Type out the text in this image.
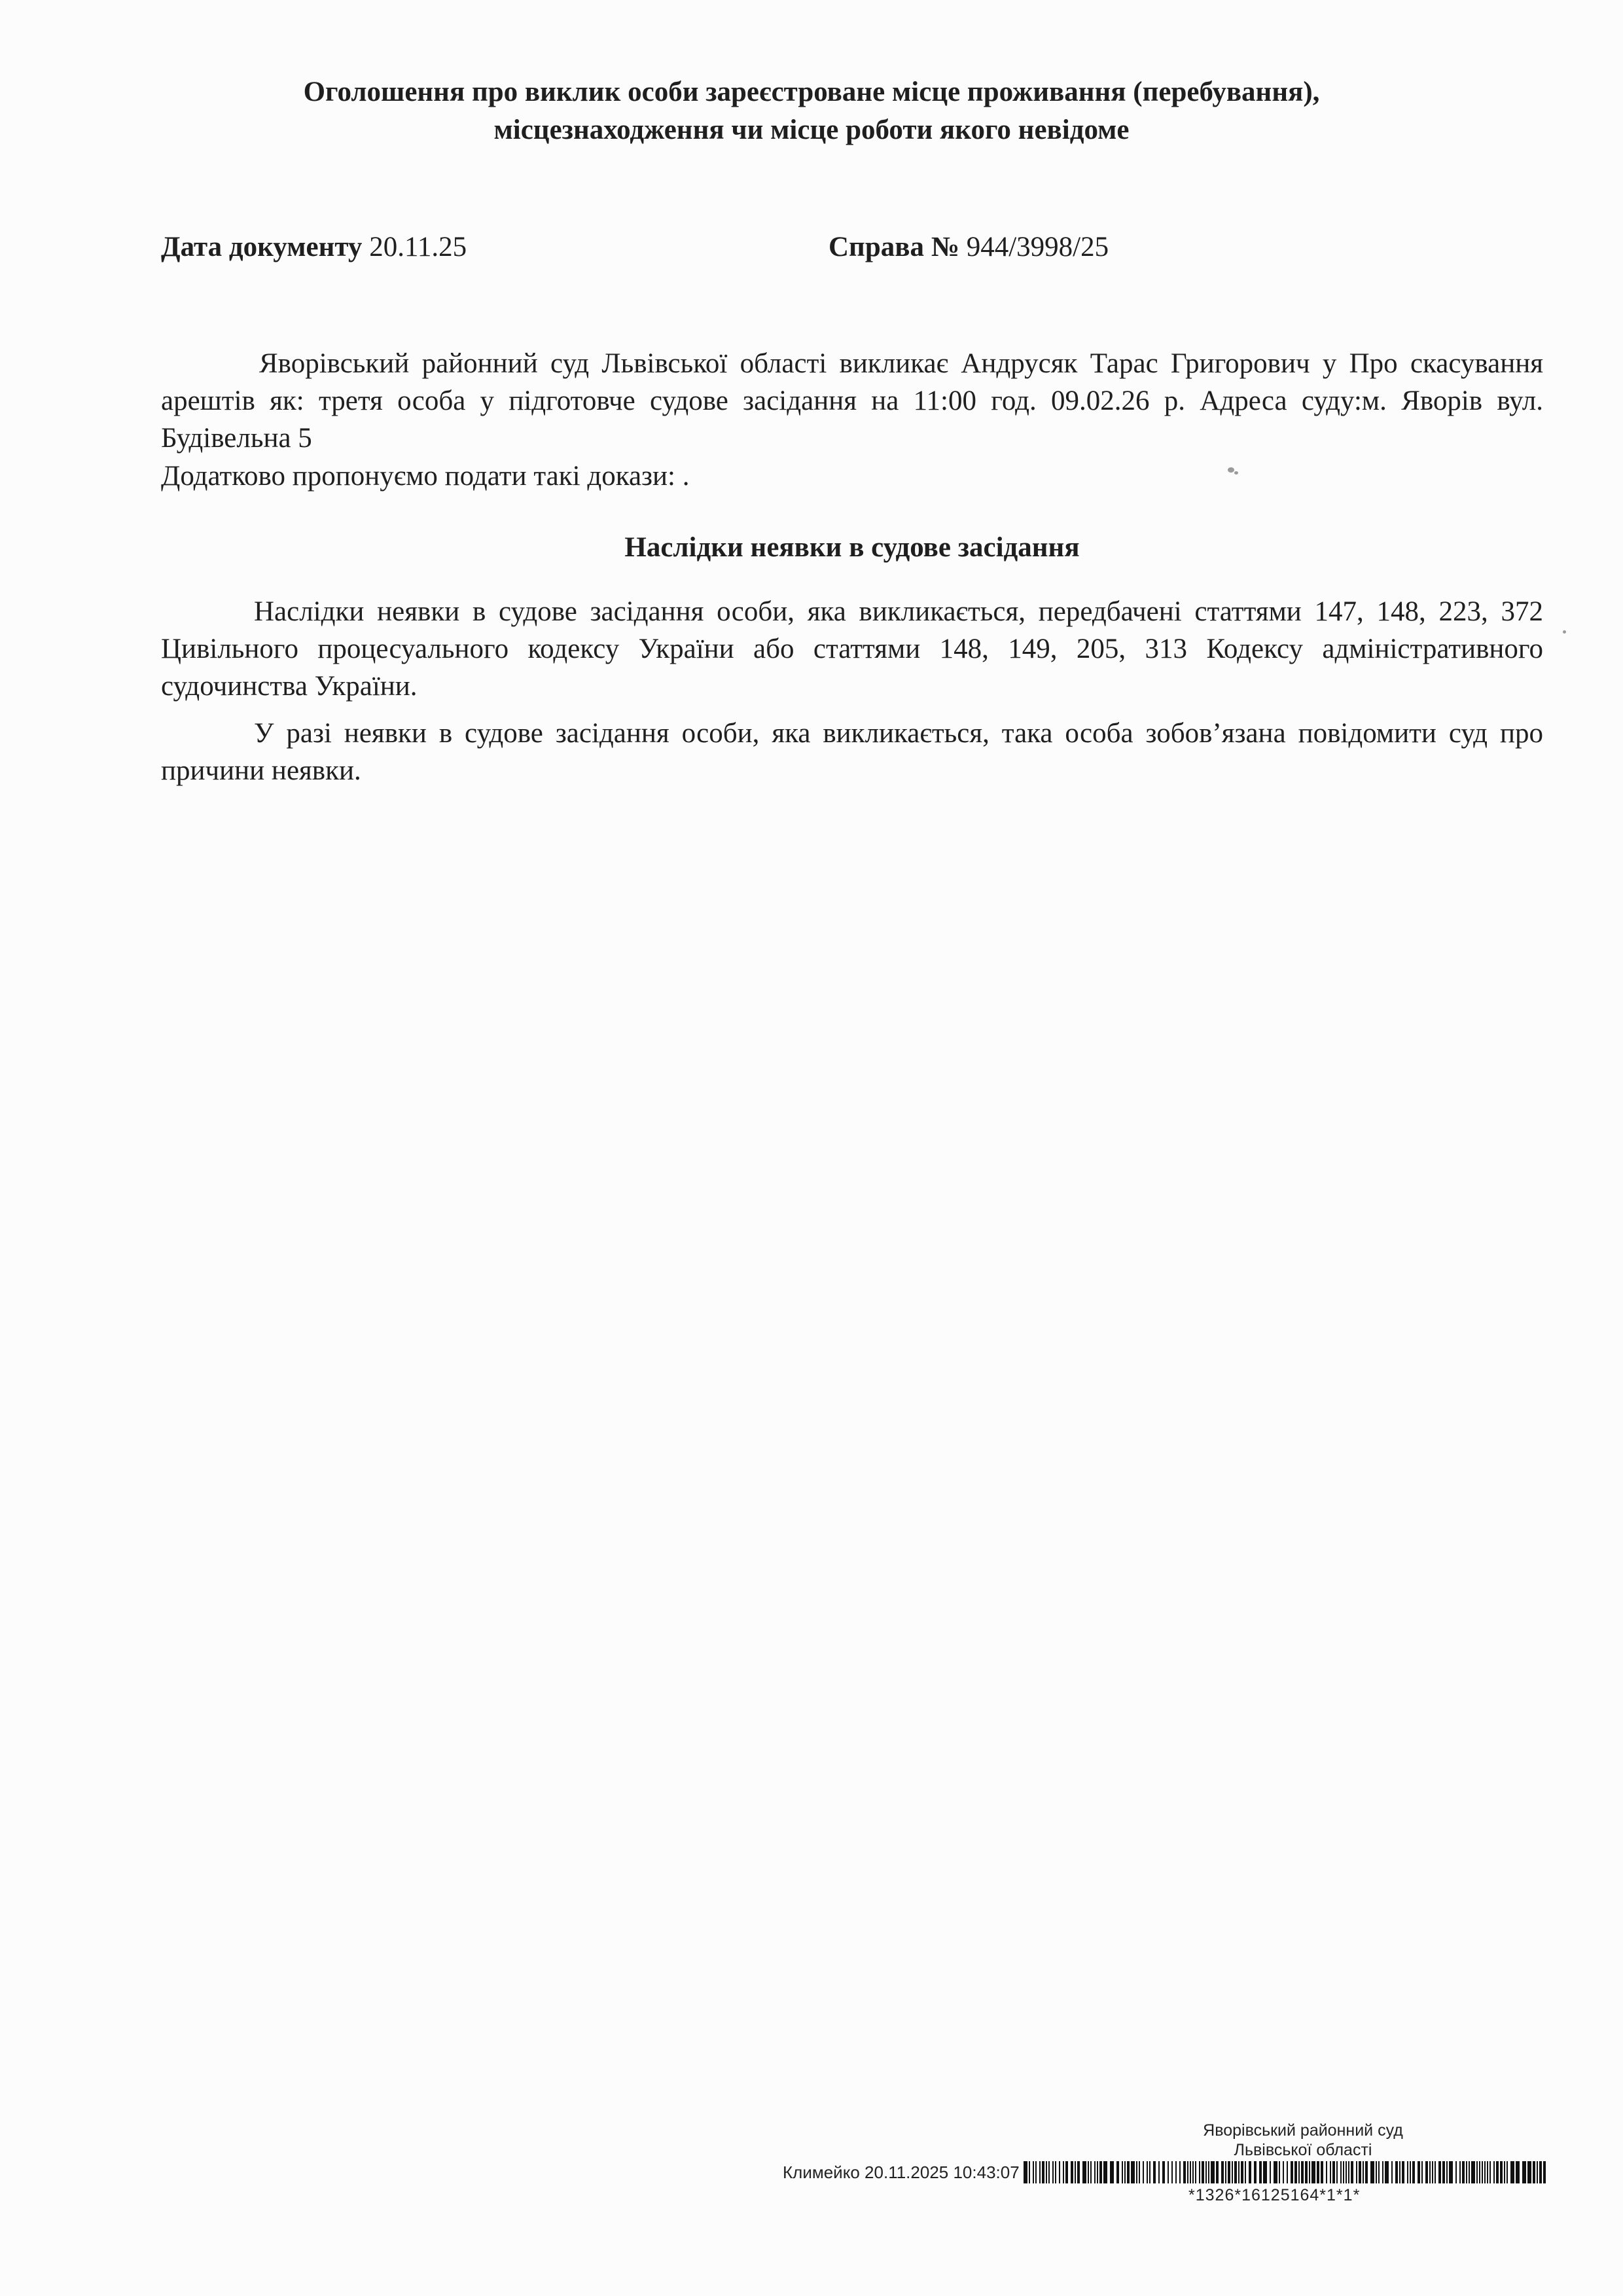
Оголошення про виклик особи зареєстроване місце проживання (перебування),
місцезнаходження чи місце роботи якого невідоме
Дата документу 20.11.25	Справа № 944/3998/25
Яворівський районний суд Львівської області викликає Андрусяк Тарас Григорович у Про скасування арештів як: третя особа у підготовче судове засідання на 11:00 год. 09.02.26 р. Адреса суду:м. Яворів вул. Будівельна 5
Додатково пропонуємо подати такі докази: .
Наслідки неявки в судове засідання
Наслідки неявки в судове засідання особи, яка викликається, передбачені статтями 147, 148, 223, 372 Цивільного процесуального кодексу України або статтями 148, 149, 205, 313 Кодексу адміністративного судочинства України.
У разі неявки в судове засідання особи, яка викликається, така особа зобов’язана повідомити суд про причини неявки.
Яворівський районний суд
Львівської області
Климейко 20.11.2025 10:43:07
*1326*16125164*1*1*
